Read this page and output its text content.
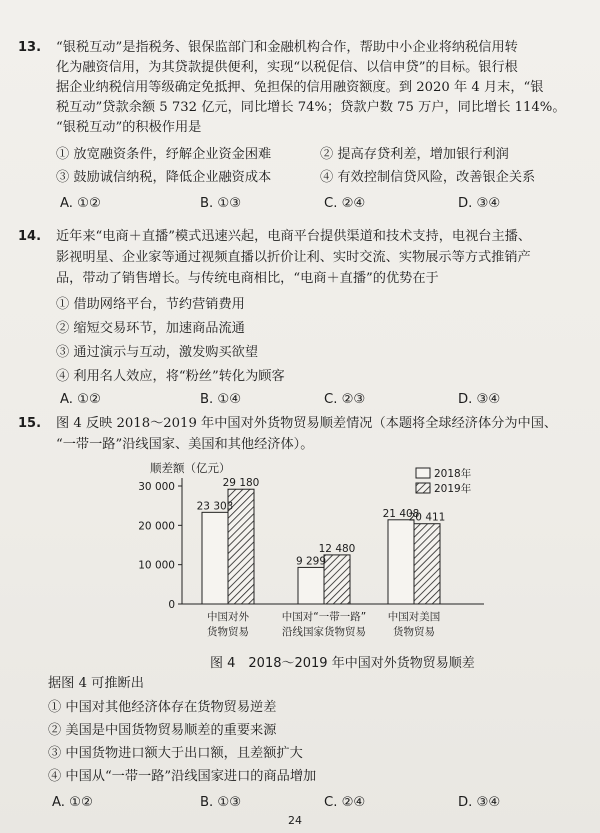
13. “银税互动”是指税务、银保监部门和金融机构合作，帮助中小企业将纳税信用转
化为融资信用，为其贷款提供便利，实现“以税促信、以信申贷”的目标。银行根
据企业纳税信用等级确定免抵押、免担保的信用融资额度。到 2020 年 4 月末，“银
税互动”贷款余额 5 732 亿元，同比增长 74%；贷款户数 75 万户，同比增长 114%。
“银税互动”的积极作用是
① 放宽融资条件，纾解企业资金困难	② 提高存贷利差，增加银行利润
③ 鼓励诚信纳税，降低企业融资成本	④ 有效控制信贷风险，改善银企关系
A. ①②	B. ①③	C. ②④	D. ③④
14. 近年来“电商＋直播”模式迅速兴起，电商平台提供渠道和技术支持，电视台主播、
影视明星、企业家等通过视频直播以折价让利、实时交流、实物展示等方式推销产
品，带动了销售增长。与传统电商相比，“电商＋直播”的优势在于
① 借助网络平台，节约营销费用
② 缩短交易环节，加速商品流通
③ 通过演示与互动，激发购买欲望
④ 利用名人效应，将“粉丝”转化为顾客
A. ①②	B. ①④	C. ②③	D. ③④
15. 图 4 反映 2018～2019 年中国对外货物贸易顺差情况（本题将全球经济体分为中国、
“一带一路”沿线国家、美国和其他经济体）。
顺差额（亿元）
0
10 000
20 000
30 000
23 303
29 180
9 299
12 480
21 408
20 411
中国对外
货物贸易
中国对“一带一路”
沿线国家货物贸易
中国对美国
货物贸易
2018年
2019年
图 4　2018～2019 年中国对外货物贸易顺差
据图 4 可推断出
① 中国对其他经济体存在货物贸易逆差
② 美国是中国货物贸易顺差的重要来源
③ 中国货物进口额大于出口额，且差额扩大
④ 中国从“一带一路”沿线国家进口的商品增加
A. ①②	B. ①③	C. ②④	D. ③④
24
